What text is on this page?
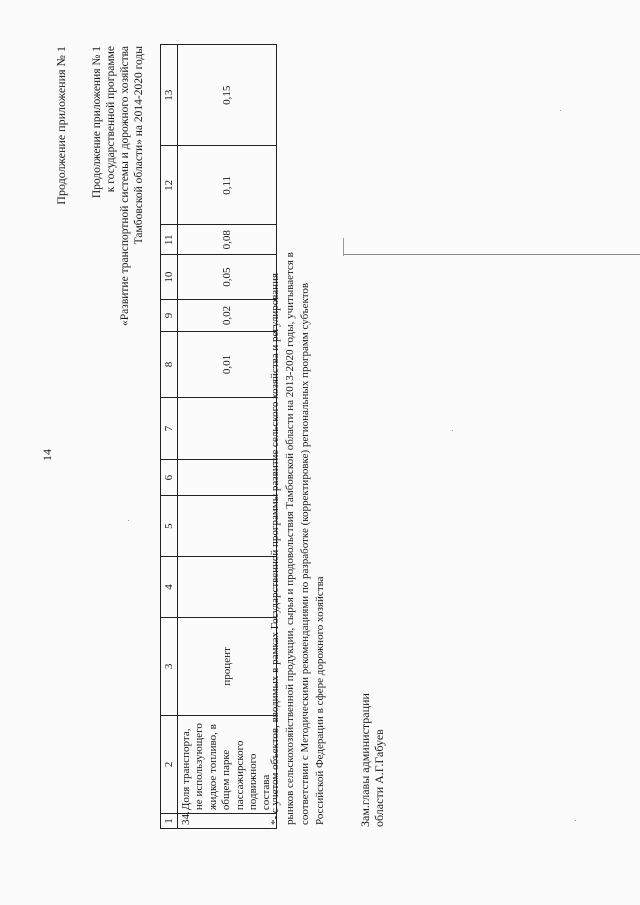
14
Продолжение приложения № 1 Продолжение приложения № 1 к государственной программе «Развитие транспортной системы и дорожного хозяйства Тамбовской области» на 2014-2020 годы
1	2	3	4	5	6	7	8	9	10	11	12	13
34.	Доля транспорта, не использующего жидкое топливо, в общем парке пассажирского подвижного состава	процент					0,01	0,02	0,05	0,08	0,11	0,15
*- с учетом объектов, вводимых в рамках Государственной программы развитие сельского хозяйства и регулирования рынков сельскохозяйственной продукции, сырья и продовольствия Тамбовской области на 2013-2020 годы, учитывается в соответствии с Методическими рекомендациями по разработке (корректировке) региональных программ субъектов Российской Федерации в сфере дорожного хозяйства	Зам.главы администрации области А.Г.Габуев
